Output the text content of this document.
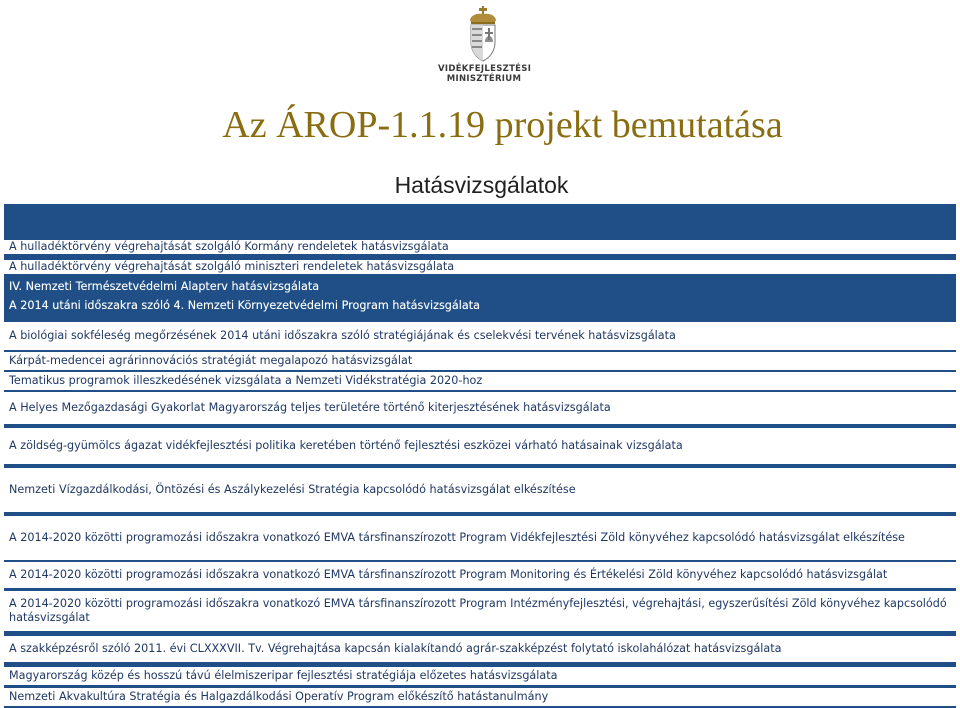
VIDÉKFEJLESZTÉSI
MINISZTÉRIUM
Az ÁROP-1.1.19 projekt bemutatása
Hatásvizsgálatok
A hulladéktörvény végrehajtását szolgáló Kormány rendeletek hatásvizsgálata
A hulladéktörvény végrehajtását szolgáló miniszteri rendeletek hatásvizsgálata
IV. Nemzeti Természetvédelmi Alapterv hatásvizsgálata
A 2014 utáni időszakra szóló 4. Nemzeti Környezetvédelmi Program hatásvizsgálata
A biológiai sokféleség megőrzésének 2014 utáni időszakra szóló stratégiájának és cselekvési tervének hatásvizsgálata
Kárpát-medencei agrárinnovációs stratégiát megalapozó hatásvizsgálat
Tematikus programok illeszkedésének vizsgálata a Nemzeti Vidékstratégia 2020-hoz
A Helyes Mezőgazdasági Gyakorlat Magyarország teljes területére történő kiterjesztésének hatásvizsgálata
A zöldség-gyümölcs ágazat vidékfejlesztési politika keretében történő fejlesztési eszközei várható hatásainak vizsgálata
Nemzeti Vízgazdálkodási, Öntözési és Aszálykezelési Stratégia kapcsolódó hatásvizsgálat elkészítése
A 2014-2020 közötti programozási időszakra vonatkozó EMVA társfinanszírozott Program Vidékfejlesztési Zöld könyvéhez kapcsolódó hatásvizsgálat elkészítése
A 2014-2020 közötti programozási időszakra vonatkozó EMVA társfinanszírozott Program Monitoring és Értékelési Zöld könyvéhez kapcsolódó hatásvizsgálat
A 2014-2020 közötti programozási időszakra vonatkozó EMVA társfinanszírozott Program Intézményfejlesztési, végrehajtási, egyszerűsítési Zöld könyvéhez kapcsolódó hatásvizsgálat
A szakképzésről szóló 2011. évi CLXXXVII. Tv. Végrehajtása kapcsán kialakítandó agrár-szakképzést folytató iskolahálózat hatásvizsgálata
Magyarország közép és hosszú távú élelmiszeripar fejlesztési stratégiája előzetes hatásvizsgálata
Nemzeti Akvakultúra Stratégia és Halgazdálkodási Operatív Program előkészítő hatástanulmány
